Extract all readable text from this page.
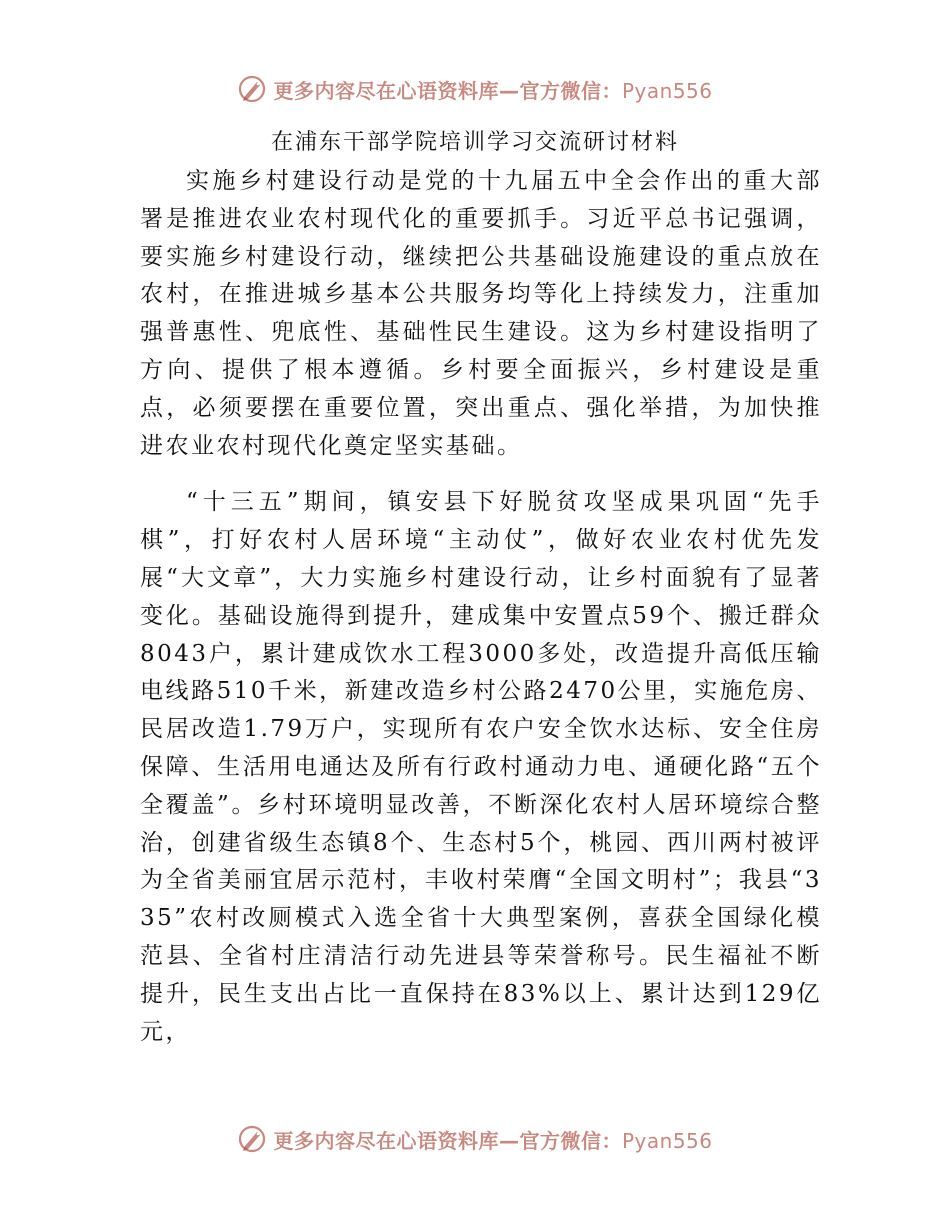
更多内容尽在心语资料库—官方微信：Pyan556
在浦东干部学院培训学习交流研讨材料

实施乡村建设行动是党的十九届五中全会作出的重大部署是推进农业农村现代化的重要抓手。习近平总书记强调，要实施乡村建设行动，继续把公共基础设施建设的重点放在农村，在推进城乡基本公共服务均等化上持续发力，注重加强普惠性、兜底性、基础性民生建设。这为乡村建设指明了方向、提供了根本遵循。乡村要全面振兴，乡村建设是重点，必须要摆在重要位置，突出重点、强化举措，为加快推进农业农村现代化奠定坚实基础。

“十三五”期间，镇安县下好脱贫攻坚成果巩固“先手棋”，打好农村人居环境“主动仗”，做好农业农村优先发展“大文章”，大力实施乡村建设行动，让乡村面貌有了显著变化。基础设施得到提升，建成集中安置点59个、搬迁群众8043户，累计建成饮水工程3000多处，改造提升高低压输电线路510千米，新建改造乡村公路2470公里，实施危房、民居改造1.79万户，实现所有农户安全饮水达标、安全住房保障、生活用电通达及所有行政村通动力电、通硬化路“五个全覆盖”。乡村环境明显改善，不断深化农村人居环境综合整治，创建省级生态镇8个、生态村5个，桃园、西川两村被评为全省美丽宜居示范村，丰收村荣膺“全国文明村”；我县“335”农村改厕模式入选全省十大典型案例，喜获全国绿化模范县、全省村庄清洁行动先进县等荣誉称号。民生福祉不断提升，民生支出占比一直保持在83%以上、累计达到129亿元，

更多内容尽在心语资料库—官方微信：Pyan556
